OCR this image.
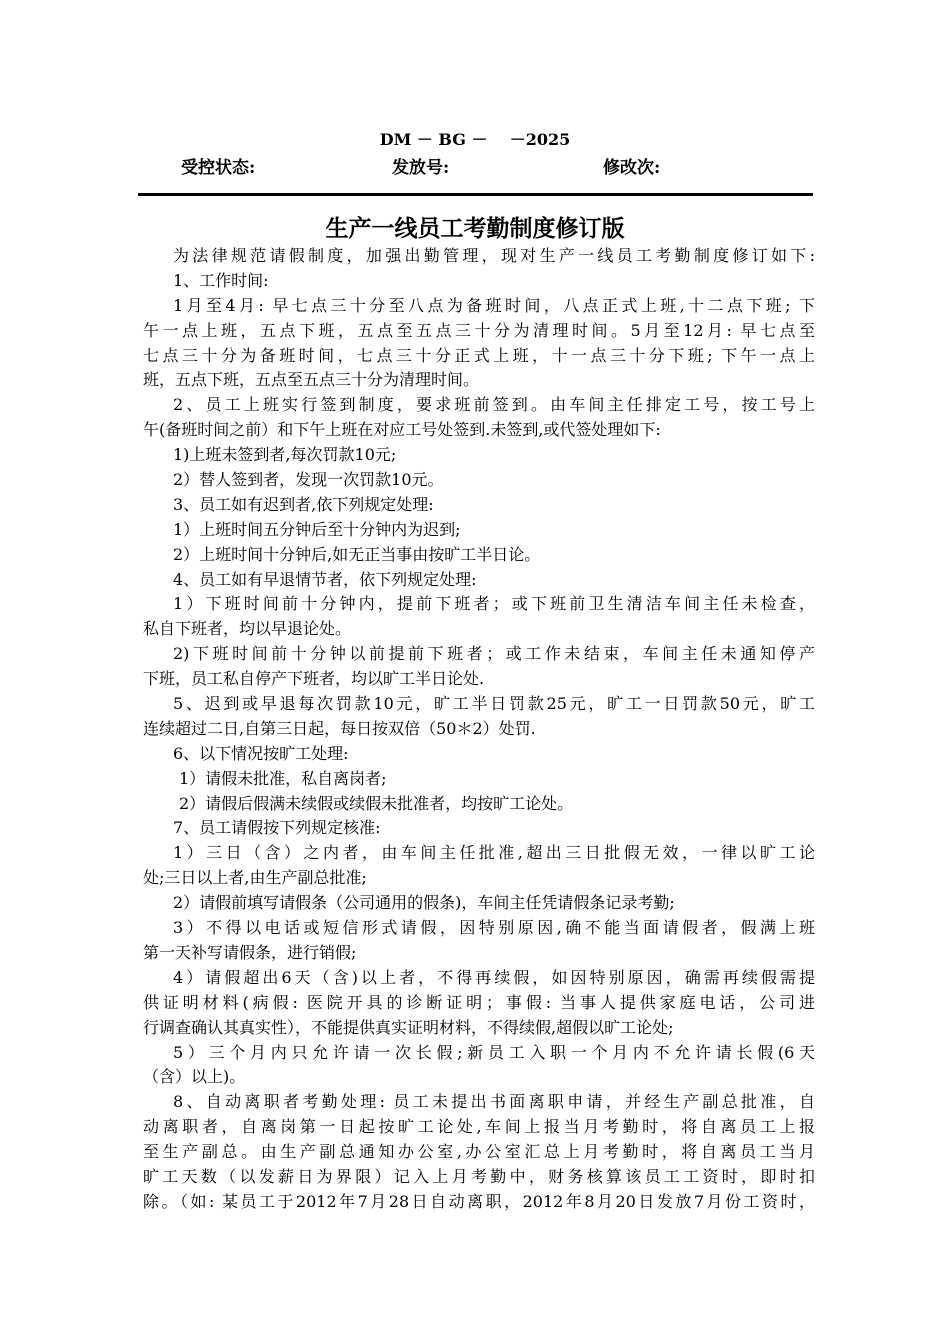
DM － BG －    －2025
受控状态:	发放号:	修改次:
生产一线员工考勤制度修订版
为法律规范请假制度，加强出勤管理，现对生产一线员工考勤制度修订如下:
1、工作时间:
1月至4月: 早七点三十分至八点为备班时间，八点正式上班,十二点下班; 下
午一点上班，五点下班，五点至五点三十分为清理时间。5月至12月: 早七点至
七点三十分为备班时间，七点三十分正式上班，十一点三十分下班; 下午一点上
班，五点下班，五点至五点三十分为清理时间。
2、员工上班实行签到制度，要求班前签到。由车间主任排定工号，按工号上
午(备班时间之前）和下午上班在对应工号处签到.未签到,或代签处理如下:
1)上班未签到者,每次罚款10元;
2）替人签到者，发现一次罚款10元。
3、员工如有迟到者,依下列规定处理:
1）上班时间五分钟后至十分钟内为迟到;
2）上班时间十分钟后,如无正当事由按旷工半日论。
4、员工如有早退情节者，依下列规定处理:
1）下班时间前十分钟内，提前下班者；或下班前卫生清洁车间主任未检查，
私自下班者，均以早退论处。
2)下班时间前十分钟以前提前下班者；或工作未结束，车间主任未通知停产
下班，员工私自停产下班者，均以旷工半日论处.
5、迟到或早退每次罚款10元，旷工半日罚款25元，旷工一日罚款50元，旷工
连续超过二日,自第三日起，每日按双倍（50＊2）处罚.
6、以下情况按旷工处理:
1）请假未批准，私自离岗者;
2）请假后假满未续假或续假未批准者，均按旷工论处。
7、员工请假按下列规定核准:
1）三日（含）之内者，由车间主任批准,超出三日批假无效，一律以旷工论
处;三日以上者,由生产副总批准;
2）请假前填写请假条（公司通用的假条)，车间主任凭请假条记录考勤;
3）不得以电话或短信形式请假，因特别原因,确不能当面请假者，假满上班
第一天补写请假条，进行销假;
4）请假超出6天（含)以上者，不得再续假，如因特别原因，确需再续假需提
供证明材料(病假: 医院开具的诊断证明；事假: 当事人提供家庭电话，公司进
行调查确认其真实性），不能提供真实证明材料，不得续假,超假以旷工论处;
5）三个月内只允许请一次长假;新员工入职一个月内不允许请长假(6天
（含）以上)。
8、自动离职者考勤处理: 员工未提出书面离职申请，并经生产副总批准，自
动离职者，自离岗第一日起按旷工论处,车间上报当月考勤时，将自离员工上报
至生产副总。由生产副总通知办公室,办公室汇总上月考勤时，将自离员工当月
旷工天数（以发薪日为界限）记入上月考勤中，财务核算该员工工资时，即时扣
除。（如: 某员工于2012年7月28日自动离职，2012年8月20日发放7月份工资时，
